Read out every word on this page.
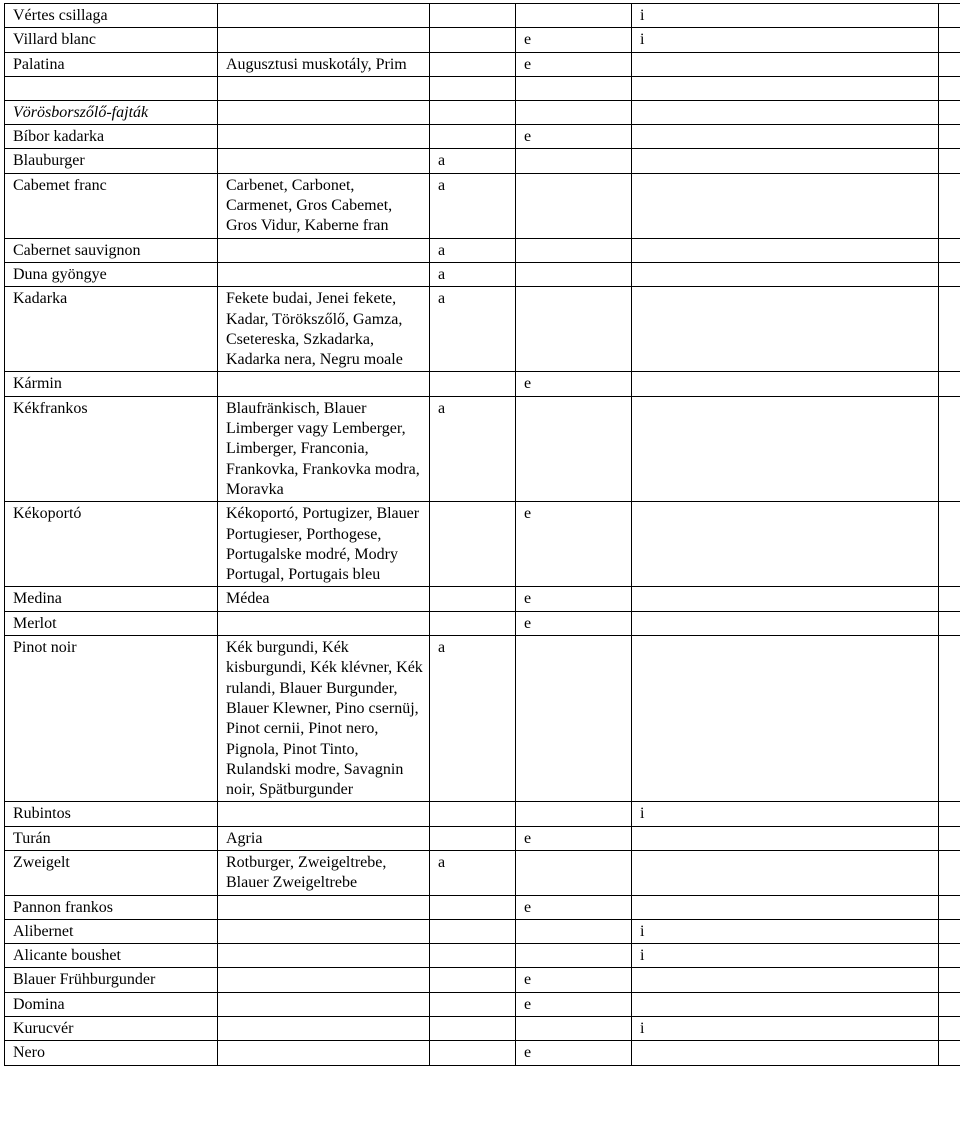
Vértes csillaga				i	
Villard blanc			e	i	
Palatina	Augusztusi muskotály, Prim		e		

Vörösborszőlő-fajták					
Bíbor kadarka			e		
Blauburger		a			
Cabemet franc	Carbenet, Carbonet, Carmenet, Gros Cabemet, Gros Vidur, Kaberne fran	a			
Cabernet sauvignon		a			
Duna gyöngye		a			
Kadarka	Fekete budai, Jenei fekete, Kadar, Törökszőlő, Gamza, Csetereska, Szkadarka, Kadarka nera, Negru moale	a			
Kármin			e		
Kékfrankos	Blaufränkisch, Blauer Limberger vagy Lemberger, Limberger, Franconia, Frankovka, Frankovka modra, Moravka	a			
Kékoportó	Kékoportó, Portugizer, Blauer Portugieser, Porthogese, Portugalske modré, Modry Portugal, Portugais bleu		e		
Medina	Médea		e		
Merlot			e		
Pinot noir	Kék burgundi, Kék kisburgundi, Kék klévner, Kék rulandi, Blauer Burgunder, Blauer Klewner, Pino csernüj, Pinot cernii, Pinot nero, Pignola, Pinot Tinto, Rulandski modre, Savagnin noir, Spätburgunder	a			
Rubintos				i	
Turán	Agria		e		
Zweigelt	Rotburger, Zweigeltrebe, Blauer Zweigeltrebe	a			
Pannon frankos			e		
Alibernet				i	
Alicante boushet				i	
Blauer Frühburgunder			e		
Domina			e		
Kurucvér				i	
Nero			e		
